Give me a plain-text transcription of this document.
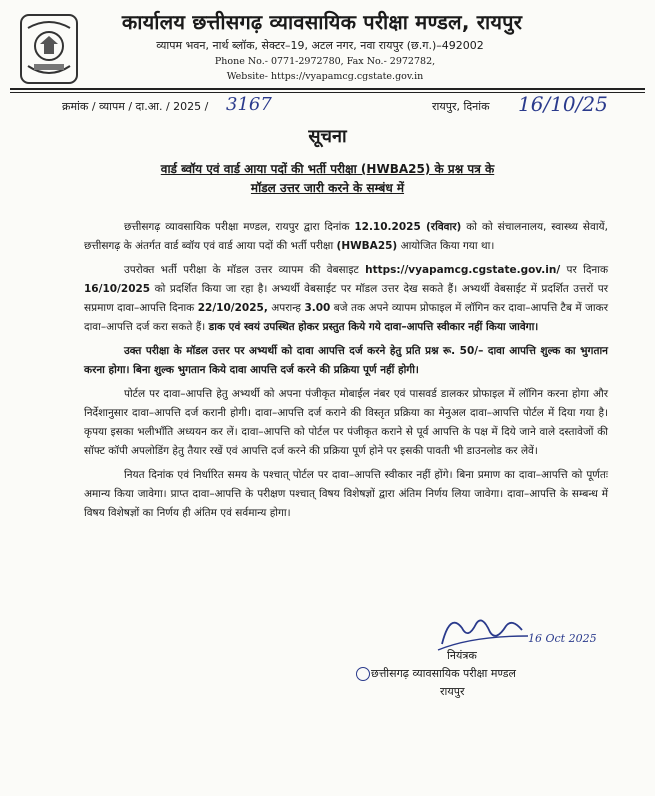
कार्यालय छत्तीसगढ़ व्यावसायिक परीक्षा मण्डल, रायपुर
व्यापम भवन, नार्थ ब्लॉक, सेक्टर–19, अटल नगर, नवा रायपुर (छ.ग.)–492002
Phone No.- 0771-2972780, Fax No.- 2972782,
Website- https://vyapamcg.cgstate.gov.in
क्रमांक / व्यापम / दा.आ. / 2025 / 3167	रायपुर, दिनांक 16/10/25
सूचना
वार्ड ब्वॉय एवं वार्ड आया पदों की भर्ती परीक्षा (HWBA25) के प्रश्न पत्र के
मॉडल उत्तर जारी करने के सम्बंध में

छत्तीसगढ़ व्यावसायिक परीक्षा मण्डल, रायपुर द्वारा दिनांक 12.10.2025 (रविवार) को को संचालनालय, स्वास्थ्य सेवायें, छत्तीसगढ़ के अंतर्गत वार्ड ब्वॉय एवं वार्ड आया पदों की भर्ती परीक्षा (HWBA25) आयोजित किया गया था।

उपरोक्त भर्ती परीक्षा के मॉडल उत्तर व्यापम की वेबसाइट https://vyapamcg.cgstate.gov.in/ पर दिनाक 16/10/2025 को प्रदर्शित किया जा रहा है। अभ्यर्थी वेबसाईट पर मॉडल उत्तर देख सकते हैं। अभ्यर्थी वेबसाईट में प्रदर्शित उत्तरों पर सप्रमाण दावा–आपत्ति दिनाक 22/10/2025, अपरान्ह 3.00 बजे तक अपने व्यापम प्रोफाइल में लॉगिन कर दावा–आपत्ति टैब में जाकर दावा–आपत्ति दर्ज करा सकते हैं। डाक एवं स्वयं उपस्थित होकर प्रस्तुत किये गये दावा–आपत्ति स्वीकार नहीं किया जावेगा।

उक्त परीक्षा के मॉडल उत्तर पर अभ्यर्थी को दावा आपत्ति दर्ज करने हेतु प्रति प्रश्न रू. 50/– दावा आपत्ति शुल्क का भुगतान करना होगा। बिना शुल्क भुगतान किये दावा आपत्ति दर्ज करने की प्रक्रिया पूर्ण नहीं होगी।

पोर्टल पर दावा–आपत्ति हेतु अभ्यर्थी को अपना पंजीकृत मोबाईल नंबर एवं पासवर्ड डालकर प्रोफाइल में लॉगिन करना होगा और निर्देशानुसार दावा–आपत्ति दर्ज करानी होगी। दावा–आपत्ति दर्ज कराने की विस्तृत प्रक्रिया का मेनुअल दावा–आपत्ति पोर्टल में दिया गया है। कृपया इसका भलीभाँति अध्ययन कर लें। दावा–आपत्ति को पोर्टल पर पंजीकृत कराने से पूर्व आपत्ति के पक्ष में दिये जाने वाले दस्तावेजों की सॉफ्ट कॉपी अपलोडिंग हेतु तैयार रखें एवं आपत्ति दर्ज करने की प्रक्रिया पूर्ण होने पर इसकी पावती भी डाउनलोड कर लेवें।

नियत दिनांक एवं निर्धारित समय के पश्चात् पोर्टल पर दावा–आपत्ति स्वीकार नहीं होंगे। बिना प्रमाण का दावा–आपत्ति को पूर्णतः अमान्य किया जावेगा। प्राप्त दावा–आपत्ति के परीक्षण पश्चात् विषय विशेषज्ञों द्वारा अंतिम निर्णय लिया जावेगा। दावा–आपत्ति के सम्बन्ध में विषय विशेषज्ञों का निर्णय ही अंतिम एवं सर्वमान्य होगा।

16 Oct 2025
नियंत्रक
छत्तीसगढ़ व्यावसायिक परीक्षा मण्डल
रायपुर
